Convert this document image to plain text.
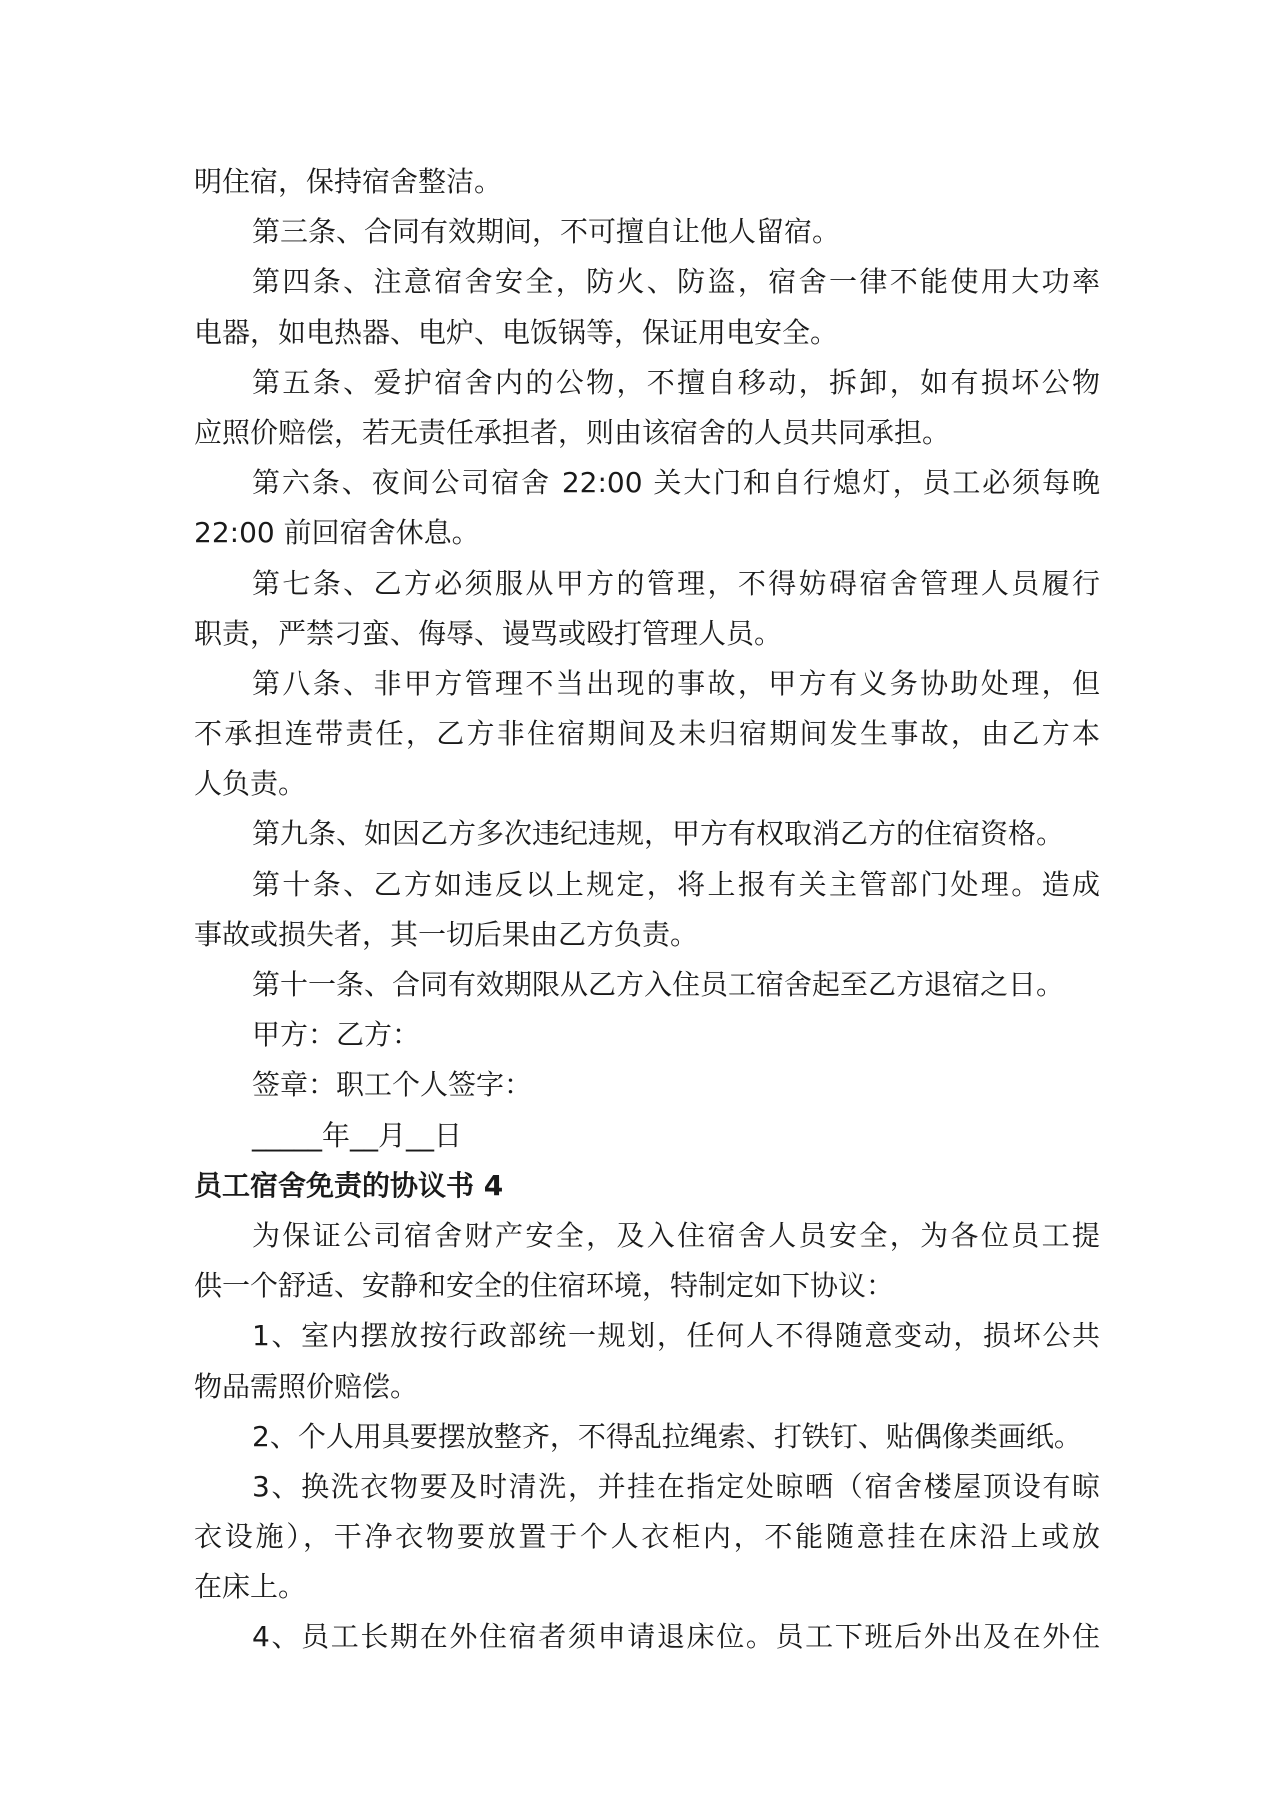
明住宿，保持宿舍整洁。
第三条、合同有效期间，不可擅自让他人留宿。
第四条、注意宿舍安全，防火、防盗，宿舍一律不能使用大功率
电器，如电热器、电炉、电饭锅等，保证用电安全。
第五条、爱护宿舍内的公物，不擅自移动，拆卸，如有损坏公物
应照价赔偿，若无责任承担者，则由该宿舍的人员共同承担。
第六条、夜间公司宿舍 22:00 关大门和自行熄灯，员工必须每晚
22:00 前回宿舍休息。
第七条、乙方必须服从甲方的管理，不得妨碍宿舍管理人员履行
职责，严禁刁蛮、侮辱、谩骂或殴打管理人员。
第八条、非甲方管理不当出现的事故，甲方有义务协助处理，但
不承担连带责任，乙方非住宿期间及未归宿期间发生事故，由乙方本
人负责。
第九条、如因乙方多次违纪违规，甲方有权取消乙方的住宿资格。
第十条、乙方如违反以上规定，将上报有关主管部门处理。造成
事故或损失者，其一切后果由乙方负责。
第十一条、合同有效期限从乙方入住员工宿舍起至乙方退宿之日。
甲方：乙方：
签章：职工个人签字：
_____年__月__日
员工宿舍免责的协议书 4
为保证公司宿舍财产安全，及入住宿舍人员安全，为各位员工提
供一个舒适、安静和安全的住宿环境，特制定如下协议：
1、室内摆放按行政部统一规划，任何人不得随意变动，损坏公共
物品需照价赔偿。
2、个人用具要摆放整齐，不得乱拉绳索、打铁钉、贴偶像类画纸。
3、换洗衣物要及时清洗，并挂在指定处晾晒（宿舍楼屋顶设有晾
衣设施），干净衣物要放置于个人衣柜内，不能随意挂在床沿上或放
在床上。
4、员工长期在外住宿者须申请退床位。员工下班后外出及在外住
